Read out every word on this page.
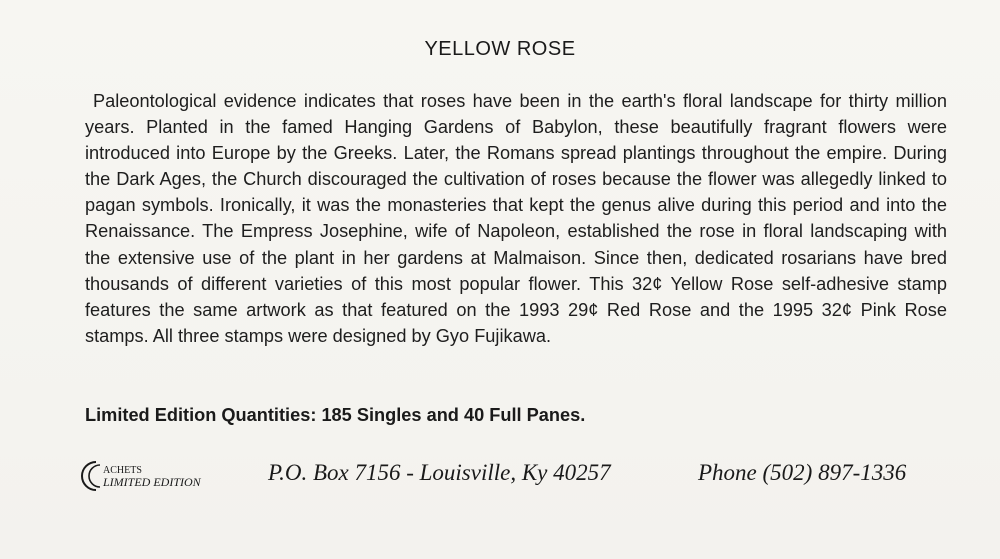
YELLOW ROSE

Paleontological evidence indicates that roses have been in the earth's floral landscape for thirty million years. Planted in the famed Hanging Gardens of Babylon, these beautifully fragrant flowers were introduced into Europe by the Greeks. Later, the Romans spread plantings throughout the empire. During the Dark Ages, the Church discouraged the cultivation of roses because the flower was allegedly linked to pagan symbols. Ironically, it was the monasteries that kept the genus alive during this period and into the Renaissance. The Empress Josephine, wife of Napoleon, established the rose in floral landscaping with the extensive use of the plant in her gardens at Malmaison. Since then, dedicated rosarians have bred thousands of different varieties of this most popular flower. This 32¢ Yellow Rose self-adhesive stamp features the same artwork as that featured on the 1993 29¢ Red Rose and the 1995 32¢ Pink Rose stamps. All three stamps were designed by Gyo Fujikawa.

Limited Edition Quantities: 185 Singles and 40 Full Panes.
ACHETS
LIMITED EDITION	P.O. Box 7156 - Louisville, Ky 40257	Phone (502) 897-1336
